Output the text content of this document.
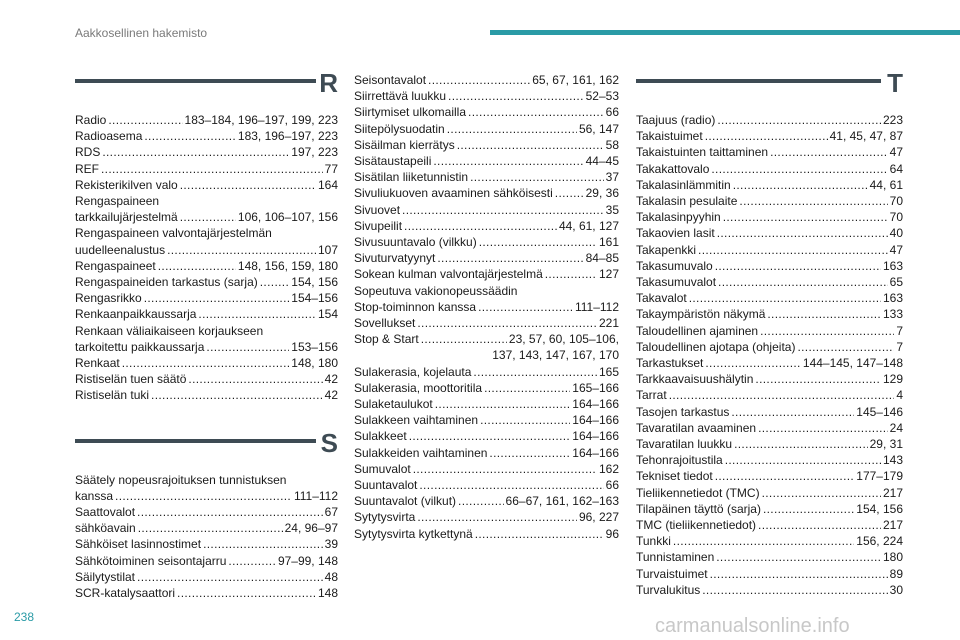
Aakkosellinen hakemisto
R
Radio . . .	183–184, 196–197, 199, 223
Radioasema . . .	183, 196–197, 223
RDS . . .	197, 223
REF . . .	77
Rekisterikilven valo . . .	164
Rengaspaineen
tarkkailujärjestelmä . . .	106, 106–107, 156
Rengaspaineen valvontajärjestelmän
uudelleenalustus . . .	107
Rengaspaineet . . .	148, 156, 159, 180
Rengaspaineiden tarkastus (sarja) . . .	154, 156
Rengasrikko . . .	154–156
Renkaanpaikkaussarja . . .	154
Renkaan väliaikaiseen korjaukseen
tarkoitettu paikkaussarja . . .	153–156
Renkaat . . .	148, 180
Ristiselän tuen säätö . . .	42
Ristiselän tuki . . .	42
S
Säätely nopeusrajoituksen tunnistuksen
kanssa . . .	111–112
Saattovalot . . .	67
sähköavain . . .	24, 96–97
Sähköiset lasinnostimet . . .	39
Sähkötoiminen seisontajarru . . .	97–99, 148
Säilytystilat . . .	48
SCR-katalysaattori . . .	148
Seisontavalot . . .	65, 67, 161, 162
Siirrettävä luukku . . .	52–53
Siirtymiset ulkomailla . . .	66
Siitepölysuodatin . . .	56, 147
Sisäilman kierrätys . . .	58
Sisätaustapeili . . .	44–45
Sisätilan liiketunnistin . . .	37
Sivuliukuoven avaaminen sähköisesti . . .	29, 36
Sivuovet . . .	35
Sivupeilit . . .	44, 61, 127
Sivusuuntavalo (vilkku) . . .	161
Sivuturvatyynyt . . .	84–85
Sokean kulman valvontajärjestelmä . . .	127
Sopeutuva vakionopeussäädin
Stop-toiminnon kanssa . . .	111–112
Sovellukset . . .	221
Stop & Start . . .	23, 57, 60, 105–106,
137, 143, 147, 167, 170
Sulakerasia, kojelauta . . .	165
Sulakerasia, moottoritila . . .	165–166
Sulaketaulukot . . .	164–166
Sulakkeen vaihtaminen . . .	164–166
Sulakkeet . . .	164–166
Sulakkeiden vaihtaminen . . .	164–166
Sumuvalot . . .	162
Suuntavalot . . .	66
Suuntavalot (vilkut) . . .	66–67, 161, 162–163
Sytytysvirta . . .	96, 227
Sytytysvirta kytkettynä . . .	96
T
Taajuus (radio) . . .	223
Takaistuimet . . .	41, 45, 47, 87
Takaistuinten taittaminen . . .	47
Takakattovalo . . .	64
Takalasinlämmitin . . .	44, 61
Takalasin pesulaite . . .	70
Takalasinpyyhin . . .	70
Takaovien lasit . . .	40
Takapenkki . . .	47
Takasumuvalo . . .	163
Takasumuvalot . . .	65
Takavalot . . .	163
Takaympäristön näkymä . . .	133
Taloudellinen ajaminen . . .	7
Taloudellinen ajotapa (ohjeita) . . .	7
Tarkastukset . . .	144–145, 147–148
Tarkkaavaisuushälytin . . .	129
Tarrat . . .	4
Tasojen tarkastus . . .	145–146
Tavaratilan avaaminen . . .	24
Tavaratilan luukku . . .	29, 31
Tehonrajoitustila . . .	143
Tekniset tiedot . . .	177–179
Tieliikennetiedot (TMC) . . .	217
Tilapäinen täyttö (sarja) . . .	154, 156
TMC (tieliikennetiedot) . . .	217
Tunkki . . .	156, 224
Tunnistaminen . . .	180
Turvaistuimet . . .	89
Turvalukitus . . .	30
238	carmanualsonline.info
